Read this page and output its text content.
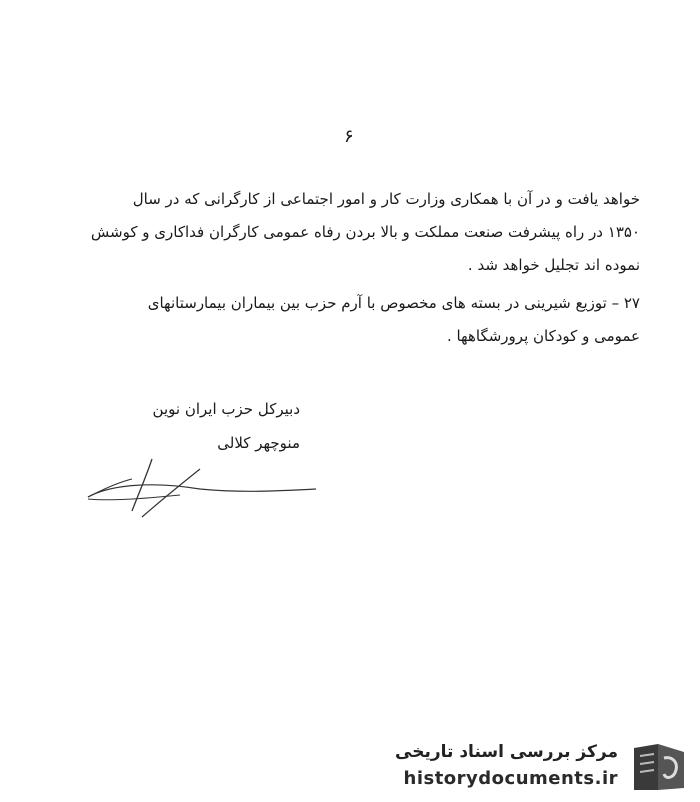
۶
خواهد یافت و در آن با همکاری وزارت کار و امور اجتماعی از کارگرانی که در سال
۱۳۵۰ در راه پیشرفت صنعت مملکت و بالا بردن رفاه عمومی کارگران فداکاری و کوشش
نموده اند تجلیل خواهد شد .
۲۷ – توزیع شیرینی در بسته های مخصوص با آرم حزب بین بیماران بیمارستانهای
عمومی و کودکان پرورشگاهها .
دبیرکل حزب ایران نوین
منوچهر کلالی
مرکز بررسی اسناد تاریخی
historydocuments.ir
